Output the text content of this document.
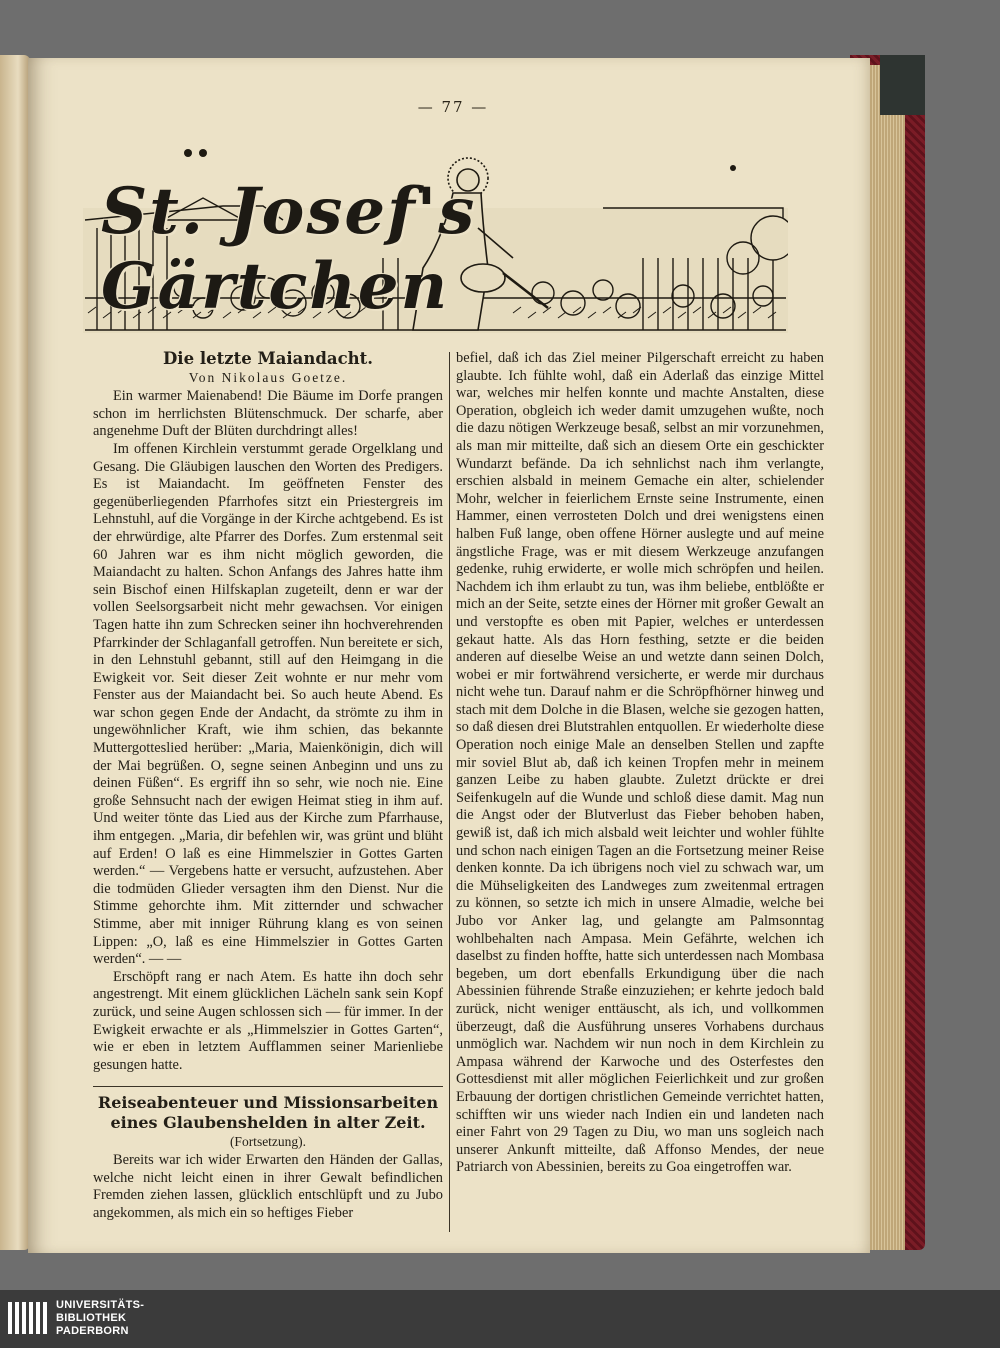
— 77 —
St. Josef's Gärtchen
Die letzte Maiandacht.
Von Nikolaus Goetze.

Ein warmer Maienabend! Die Bäume im Dorfe prangen schon im herrlichsten Blütenschmuck. Der scharfe, aber angenehme Duft der Blüten durchdringt alles!

Im offenen Kirchlein verstummt gerade Orgelklang und Gesang. Die Gläubigen lauschen den Worten des Predigers. Es ist Maiandacht. Im geöffneten Fenster des gegenüberliegenden Pfarrhofes sitzt ein Priestergreis im Lehnstuhl, auf die Vorgänge in der Kirche achtgebend. Es ist der ehrwürdige, alte Pfarrer des Dorfes. Zum erstenmal seit 60 Jahren war es ihm nicht möglich geworden, die Maiandacht zu halten. Schon Anfangs des Jahres hatte ihm sein Bischof einen Hilfskaplan zugeteilt, denn er war der vollen Seelsorgsarbeit nicht mehr gewachsen. Vor einigen Tagen hatte ihn zum Schrecken seiner ihn hochverehrenden Pfarrkinder der Schlaganfall getroffen. Nun bereitete er sich, in den Lehnstuhl gebannt, still auf den Heimgang in die Ewigkeit vor. Seit dieser Zeit wohnte er nur mehr vom Fenster aus der Maiandacht bei. So auch heute Abend. Es war schon gegen Ende der Andacht, da strömte zu ihm in ungewöhnlicher Kraft, wie ihm schien, das bekannte Muttergotteslied herüber: „Maria, Maienkönigin, dich will der Mai begrüßen. O, segne seinen Anbeginn und uns zu deinen Füßen“. Es ergriff ihn so sehr, wie noch nie. Eine große Sehnsucht nach der ewigen Heimat stieg in ihm auf. Und weiter tönte das Lied aus der Kirche zum Pfarrhause, ihm entgegen. „Maria, dir befehlen wir, was grünt und blüht auf Erden! O laß es eine Himmelszier in Gottes Garten werden.“ — Vergebens hatte er versucht, aufzustehen. Aber die todmüden Glieder versagten ihm den Dienst. Nur die Stimme gehorchte ihm. Mit zitternder und schwacher Stimme, aber mit inniger Rührung klang es von seinen Lippen: „O, laß es eine Himmelszier in Gottes Garten werden“. — —

Erschöpft rang er nach Atem. Es hatte ihn doch sehr angestrengt. Mit einem glücklichen Lächeln sank sein Kopf zurück, und seine Augen schlossen sich — für immer. In der Ewigkeit erwachte er als „Himmelszier in Gottes Garten“, wie er eben in letztem Aufflammen seiner Marienliebe gesungen hatte.

Reiseabenteuer und Missionsarbeiten eines Glaubenshelden in alter Zeit.
(Fortsetzung).

Bereits war ich wider Erwarten den Händen der Gallas, welche nicht leicht einen in ihrer Gewalt befindlichen Fremden ziehen lassen, glücklich entschlüpft und zu Jubo angekommen, als mich ein so heftiges Fieber

befiel, daß ich das Ziel meiner Pilgerschaft erreicht zu haben glaubte. Ich fühlte wohl, daß ein Aderlaß das einzige Mittel war, welches mir helfen konnte und machte Anstalten, diese Operation, obgleich ich weder damit umzugehen wußte, noch die dazu nötigen Werkzeuge besaß, selbst an mir vorzunehmen, als man mir mitteilte, daß sich an diesem Orte ein geschickter Wundarzt befände. Da ich sehnlichst nach ihm verlangte, erschien alsbald in meinem Gemache ein alter, schielender Mohr, welcher in feierlichem Ernste seine Instrumente, einen Hammer, einen verrosteten Dolch und drei wenigstens einen halben Fuß lange, oben offene Hörner auslegte und auf meine ängstliche Frage, was er mit diesem Werkzeuge anzufangen gedenke, ruhig erwiderte, er wolle mich schröpfen und heilen. Nachdem ich ihm erlaubt zu tun, was ihm beliebe, entblößte er mich an der Seite, setzte eines der Hörner mit großer Gewalt an und verstopfte es oben mit Papier, welches er unterdessen gekaut hatte. Als das Horn festhing, setzte er die beiden anderen auf dieselbe Weise an und wetzte dann seinen Dolch, wobei er mir fortwährend versicherte, er werde mir durchaus nicht wehe tun. Darauf nahm er die Schröpfhörner hinweg und stach mit dem Dolche in die Blasen, welche sie gezogen hatten, so daß diesen drei Blutstrahlen entquollen. Er wiederholte diese Operation noch einige Male an denselben Stellen und zapfte mir soviel Blut ab, daß ich keinen Tropfen mehr in meinem ganzen Leibe zu haben glaubte. Zuletzt drückte er drei Seifenkugeln auf die Wunde und schloß diese damit. Mag nun die Angst oder der Blutverlust das Fieber behoben haben, gewiß ist, daß ich mich alsbald weit leichter und wohler fühlte und schon nach einigen Tagen an die Fortsetzung meiner Reise denken konnte. Da ich übrigens noch viel zu schwach war, um die Mühseligkeiten des Landweges zum zweitenmal ertragen zu können, so setzte ich mich in unsere Almadie, welche bei Jubo vor Anker lag, und gelangte am Palmsonntag wohlbehalten nach Ampasa. Mein Gefährte, welchen ich daselbst zu finden hoffte, hatte sich unterdessen nach Mombasa begeben, um dort ebenfalls Erkundigung über die nach Abessinien führende Straße einzuziehen; er kehrte jedoch bald zurück, nicht weniger enttäuscht, als ich, und vollkommen überzeugt, daß die Ausführung unseres Vorhabens durchaus unmöglich war. Nachdem wir nun noch in dem Kirchlein zu Ampasa während der Karwoche und des Osterfestes den Gottesdienst mit aller möglichen Feierlichkeit und zur großen Erbauung der dortigen christlichen Gemeinde verrichtet hatten, schifften wir uns wieder nach Indien ein und landeten nach einer Fahrt von 29 Tagen zu Diu, wo man uns sogleich nach unserer Ankunft mitteilte, daß Affonso Mendes, der neue Patriarch von Abessinien, bereits zu Goa eingetroffen war.

UNIVERSITÄTS-
BIBLIOTHEK
PADERBORN
